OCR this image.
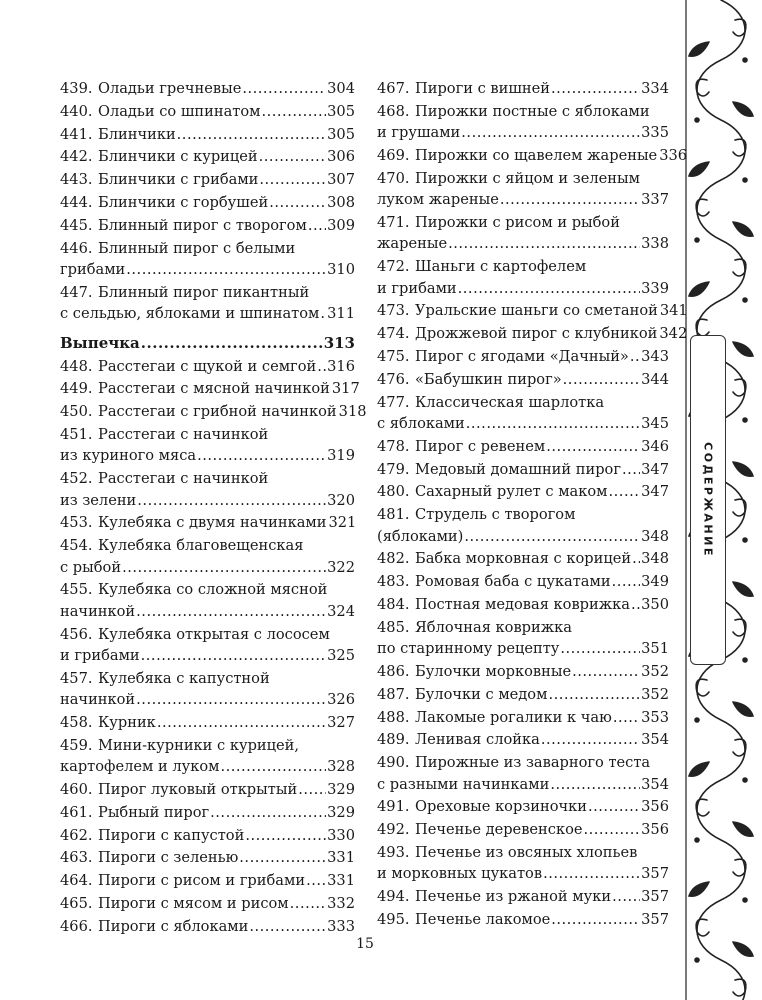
439. Оладьи гречневые .....	304
440. Оладьи со шпинатом .....	305
441. Блинчики .....	305
442. Блинчики с курицей .....	306
443. Блинчики с грибами .....	307
444. Блинчики с горбушей .....	308
445. Блинный пирог с творогом ..... 309
446. Блинный пирог с белыми
грибами .....	310
447. Блинный пирог пикантный
с сельдью, яблоками и шпинатом ..... 311
Выпечка .....	313
448. Расстегаи с щукой и семгой ..... 316
449. Расстегаи с мясной начинкой 317
450. Расстегаи с грибной начинкой 318
451. Расстегаи с начинкой
из куриного мяса .....	319
452. Расстегаи с начинкой
из зелени .....	320
453. Кулебяка с двумя начинками 321
454. Кулебяка благовещенская
с рыбой .....	322
455. Кулебяка со сложной мясной
начинкой .....	324
456. Кулебяка открытая с лососем
и грибами .....	325
457. Кулебяка с капустной
начинкой .....	326
458. Курник .....	327
459. Мини-курники с курицей,
картофелем и луком .....	328
460. Пирог луковый открытый ..... 329
461. Рыбный пирог .....	329
462. Пироги с капустой .....	330
463. Пироги с зеленью .....	331
464. Пироги с рисом и грибами ..... 331
465. Пироги с мясом и рисом .....	332
466. Пироги с яблоками .....	333
467. Пироги с вишней .....	334
468. Пирожки постные с яблоками
и грушами .....	335
469. Пирожки со щавелем жареные 336
470. Пирожки с яйцом и зеленым
луком жареные .....	337
471. Пирожки с рисом и рыбой
жареные .....	338
472. Шаньги с картофелем
и грибами .....	339
473. Уральские шаньги со сметаной 341
474. Дрожжевой пирог с клубникой 342
475. Пирог с ягодами «Дачный» ..... 343
476. «Бабушкин пирог» .....	344
477. Классическая шарлотка
с яблоками .....	345
478. Пирог с ревенем .....	346
479. Медовый домашний пирог ..... 347
480. Сахарный рулет с маком ..... 347
481. Струдель с творогом
(яблоками) .....	348
482. Бабка морковная с корицей ..... 348
483. Ромовая баба с цукатами ..... 349
484. Постная медовая коврижка ..... 350
485. Яблочная коврижка
по старинному рецепту .....	351
486. Булочки морковные .....	352
487. Булочки с медом .....	352
488. Лакомые рогалики к чаю ..... 353
489. Ленивая слойка .....	354
490. Пирожные из заварного теста
с разными начинками .....	354
491. Ореховые корзиночки .....	356
492. Печенье деревенское .....	356
493. Печенье из овсяных хлопьев
и морковных цукатов .....	357
494. Печенье из ржаной муки ..... 357
495. Печенье лакомое .....	357
15
СОДЕРЖАНИЕ
